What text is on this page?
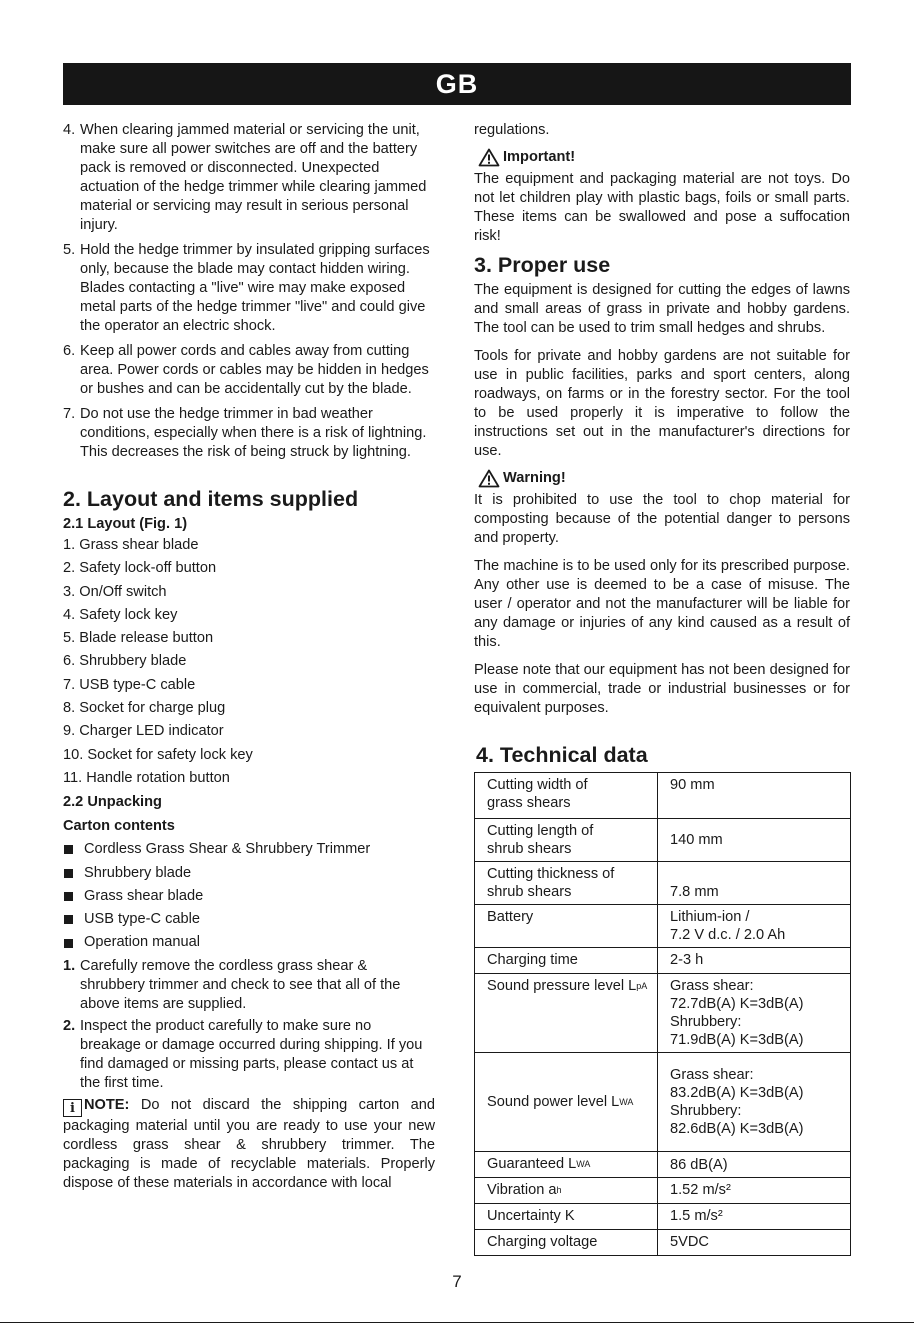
GB
4. When clearing jammed material or servicing the unit, make sure all power switches are off and the battery pack is removed or disconnected. Unexpected actuation of the hedge trimmer while clearing jammed material or servicing may result in serious personal injury.
5. Hold the hedge trimmer by insulated gripping surfaces only, because the blade may contact hidden wiring. Blades contacting a "live" wire may make exposed metal parts of the hedge trimmer "live" and could give the operator an electric shock.
6. Keep all power cords and cables away from cutting area. Power cords or cables may be hidden in hedges or bushes and can be accidentally cut by the blade.
7. Do not use the hedge trimmer in bad weather conditions, especially when there is a risk of lightning. This decreases the risk of being struck by lightning.
2. Layout and items supplied
2.1 Layout (Fig. 1)
1. Grass shear blade
2. Safety lock-off button
3. On/Off switch
4. Safety lock key
5. Blade release button
6. Shrubbery blade
7. USB type-C cable
8. Socket for charge plug
9. Charger LED indicator
10. Socket for safety lock key
11. Handle rotation button
2.2 Unpacking
Carton contents
Cordless Grass Shear & Shrubbery Trimmer
Shrubbery blade
Grass shear blade
USB type-C cable
Operation manual
1. Carefully remove the cordless grass shear & shrubbery trimmer and check to see that all of the above items are supplied.
2. Inspect the product carefully to make sure no breakage or damage occurred during shipping. If you find damaged or missing parts, please contact us at the first time.

i NOTE: Do not discard the shipping carton and packaging material until you are ready to use your new cordless grass shear & shrubbery trimmer. The packaging is made of recyclable materials. Properly dispose of these materials in accordance with local

regulations.

Important!

The equipment and packaging material are not toys. Do not let children play with plastic bags, foils or small parts. These items can be swallowed and pose a suffocation risk!

3. Proper use

The equipment is designed for cutting the edges of lawns and small areas of grass in private and hobby gardens. The tool can be used to trim small hedges and shrubs.

Tools for private and hobby gardens are not suitable for use in public facilities, parks and sport centers, along roadways, on farms or in the forestry sector. For the tool to be used properly it is imperative to follow the instructions set out in the manufacturer's directions for use.

Warning!

It is prohibited to use the tool to chop material for composting because of the potential danger to persons and property.

The machine is to be used only for its prescribed purpose. Any other use is deemed to be a case of misuse. The user / operator and not the manufacturer will be liable for any damage or injuries of any kind caused as a result of this.

Please note that our equipment has not been designed for use in commercial, trade or industrial businesses or for equivalent purposes.

4. Technical data
Cutting width of
grass shears	90 mm
Cutting length of
shrub shears	140 mm
Cutting thickness of
shrub shears	7.8 mm
Battery	Lithium-ion /
7.2 V d.c. / 2.0 Ah
Charging time	2-3 h
Sound pressure level $L_{pA}$	Grass shear:
72.7dB(A) K=3dB(A)
Shrubbery:
71.9dB(A) K=3dB(A)
Sound power level $L_{WA}$	Grass shear:
83.2dB(A) K=3dB(A)
Shrubbery:
82.6dB(A) K=3dB(A)
Guaranteed $L_{WA}$	86 dB(A)
Vibration $a_h$	1.52 m/s²
Uncertainty K	1.5 m/s²
Charging voltage	5VDC
7
